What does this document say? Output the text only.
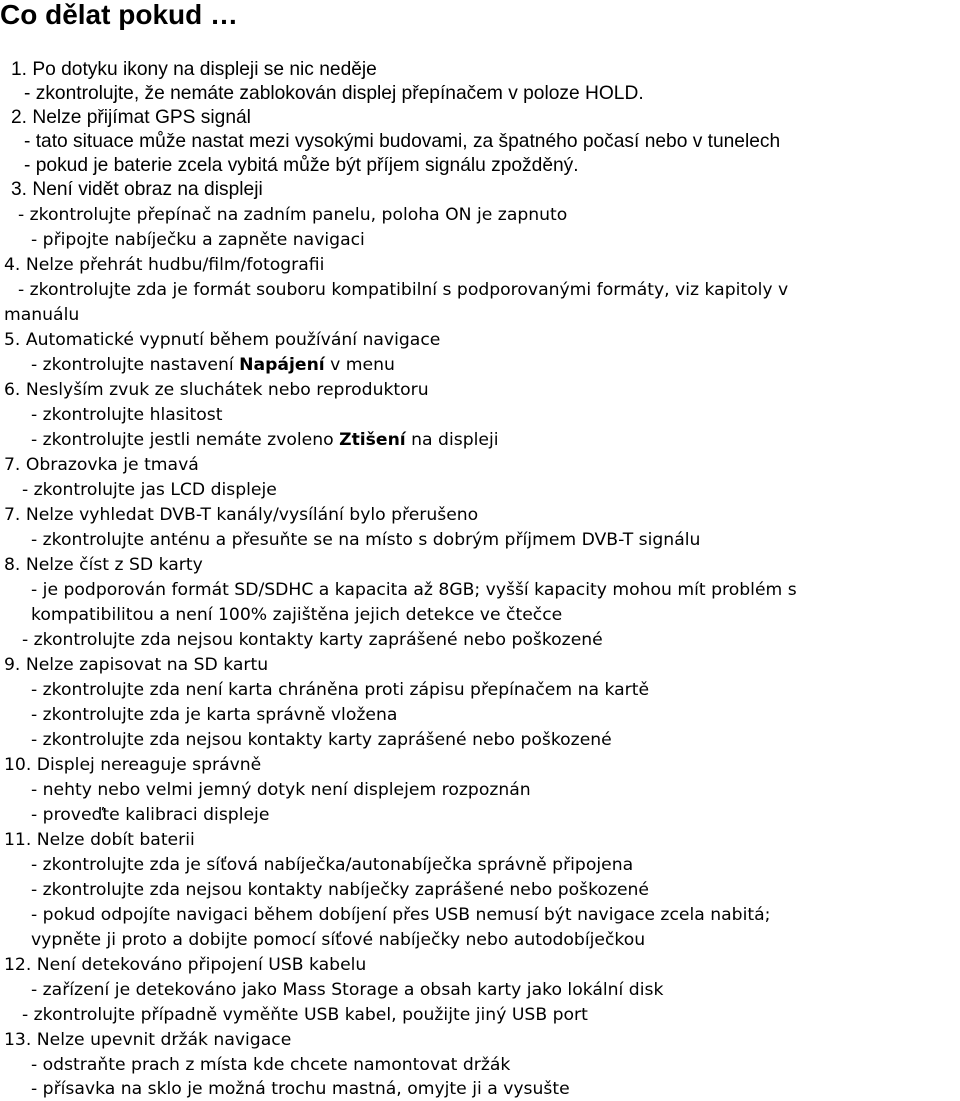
Co dělat pokud …

1. Po dotyku ikony na displeji se nic neděje

- zkontrolujte, že nemáte zablokován displej přepínačem v poloze HOLD.

2. Nelze přijímat GPS signál

- tato situace může nastat mezi vysokými budovami, za špatného počasí nebo v tunelech

- pokud je baterie zcela vybitá může být příjem signálu zpožděný.

3. Není vidět obraz na displeji

- zkontrolujte přepínač na zadním panelu, poloha ON je zapnuto

- připojte nabíječku a zapněte navigaci

4. Nelze přehrát hudbu/film/fotografii

- zkontrolujte zda je formát souboru kompatibilní s podporovanými formáty, viz kapitoly v

manuálu

5. Automatické vypnutí během používání navigace

- zkontrolujte nastavení Napájení v menu

6. Neslyším zvuk ze sluchátek nebo reproduktoru

- zkontrolujte hlasitost

- zkontrolujte jestli nemáte zvoleno Ztišení na displeji

7. Obrazovka je tmavá

- zkontrolujte jas LCD displeje

7. Nelze vyhledat DVB-T kanály/vysílání bylo přerušeno

- zkontrolujte anténu a přesuňte se na místo s dobrým příjmem DVB-T signálu

8. Nelze číst z SD karty

- je podporován formát SD/SDHC a kapacita až 8GB; vyšší kapacity mohou mít problém s

kompatibilitou a není 100% zajištěna jejich detekce ve čtečce

- zkontrolujte zda nejsou kontakty karty zaprášené nebo poškozené

9. Nelze zapisovat na SD kartu

- zkontrolujte zda není karta chráněna proti zápisu přepínačem na kartě

- zkontrolujte zda je karta správně vložena

- zkontrolujte zda nejsou kontakty karty zaprášené nebo poškozené

10. Displej nereaguje správně

- nehty nebo velmi jemný dotyk není displejem rozpoznán

- proveďte kalibraci displeje

11. Nelze dobít baterii

- zkontrolujte zda je síťová nabíječka/autonabíječka správně připojena

- zkontrolujte zda nejsou kontakty nabíječky zaprášené nebo poškozené

- pokud odpojíte navigaci během dobíjení přes USB nemusí být navigace zcela nabitá;

vypněte ji proto a dobijte pomocí síťové nabíječky nebo autodobíječkou

12. Není detekováno připojení USB kabelu

- zařízení je detekováno jako Mass Storage a obsah karty jako lokální disk

- zkontrolujte případně vyměňte USB kabel, použijte jiný USB port

13. Nelze upevnit držák navigace

- odstraňte prach z místa kde chcete namontovat držák

- přísavka na sklo je možná trochu mastná, omyjte ji a vysušte
